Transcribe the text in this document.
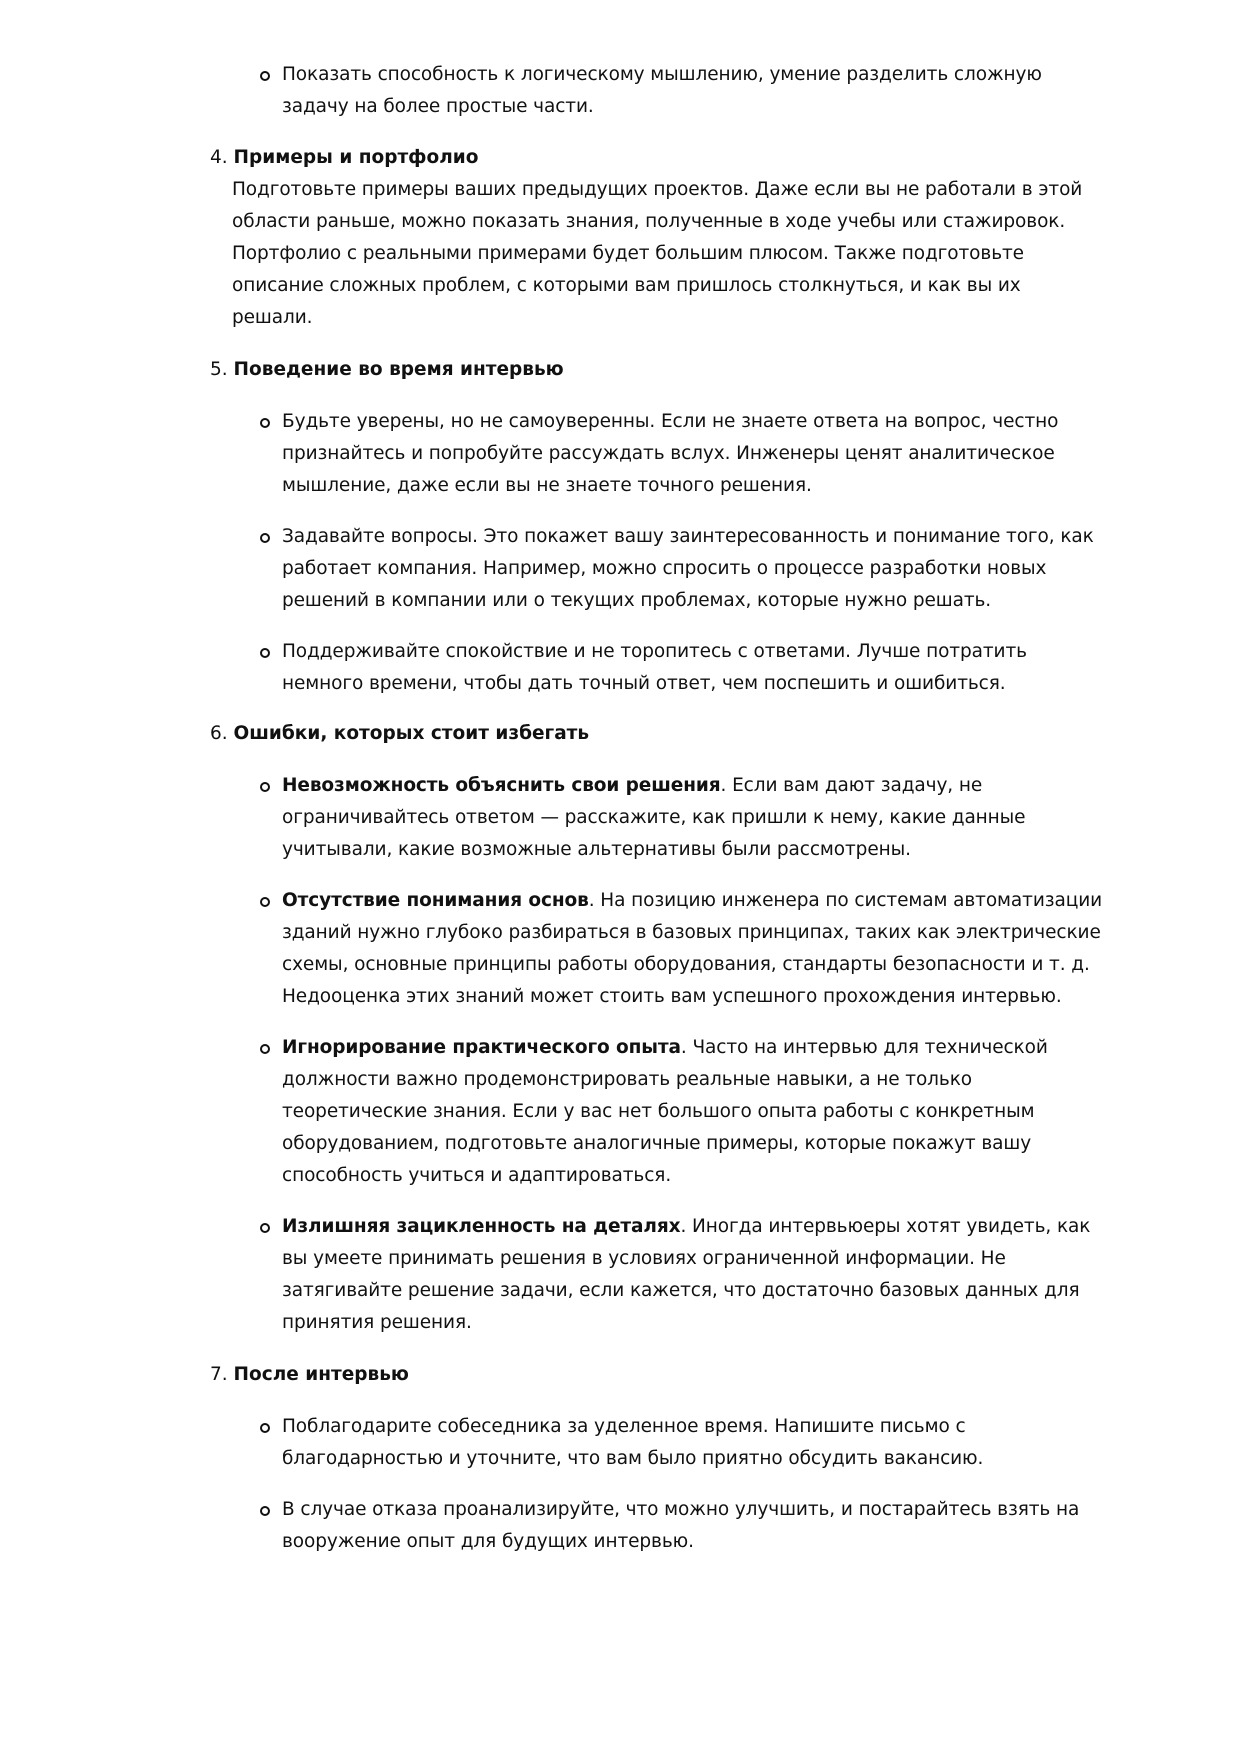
Показать способность к логическому мышлению, умение разделить сложную
задачу на более простые части.
4. Примеры и портфолио
Подготовьте примеры ваших предыдущих проектов. Даже если вы не работали в этой
области раньше, можно показать знания, полученные в ходе учебы или стажировок.
Портфолио с реальными примерами будет большим плюсом. Также подготовьте
описание сложных проблем, с которыми вам пришлось столкнуться, и как вы их
решали.
5. Поведение во время интервью
Будьте уверены, но не самоуверенны. Если не знаете ответа на вопрос, честно
признайтесь и попробуйте рассуждать вслух. Инженеры ценят аналитическое
мышление, даже если вы не знаете точного решения.
Задавайте вопросы. Это покажет вашу заинтересованность и понимание того, как
работает компания. Например, можно спросить о процессе разработки новых
решений в компании или о текущих проблемах, которые нужно решать.
Поддерживайте спокойствие и не торопитесь с ответами. Лучше потратить
немного времени, чтобы дать точный ответ, чем поспешить и ошибиться.
6. Ошибки, которых стоит избегать
Невозможность объяснить свои решения. Если вам дают задачу, не
ограничивайтесь ответом — расскажите, как пришли к нему, какие данные
учитывали, какие возможные альтернативы были рассмотрены.
Отсутствие понимания основ. На позицию инженера по системам автоматизации
зданий нужно глубоко разбираться в базовых принципах, таких как электрические
схемы, основные принципы работы оборудования, стандарты безопасности и т. д.
Недооценка этих знаний может стоить вам успешного прохождения интервью.
Игнорирование практического опыта. Часто на интервью для технической
должности важно продемонстрировать реальные навыки, а не только
теоретические знания. Если у вас нет большого опыта работы с конкретным
оборудованием, подготовьте аналогичные примеры, которые покажут вашу
способность учиться и адаптироваться.
Излишняя зацикленность на деталях. Иногда интервьюеры хотят увидеть, как
вы умеете принимать решения в условиях ограниченной информации. Не
затягивайте решение задачи, если кажется, что достаточно базовых данных для
принятия решения.
7. После интервью
Поблагодарите собеседника за уделенное время. Напишите письмо с
благодарностью и уточните, что вам было приятно обсудить вакансию.
В случае отказа проанализируйте, что можно улучшить, и постарайтесь взять на
вооружение опыт для будущих интервью.
